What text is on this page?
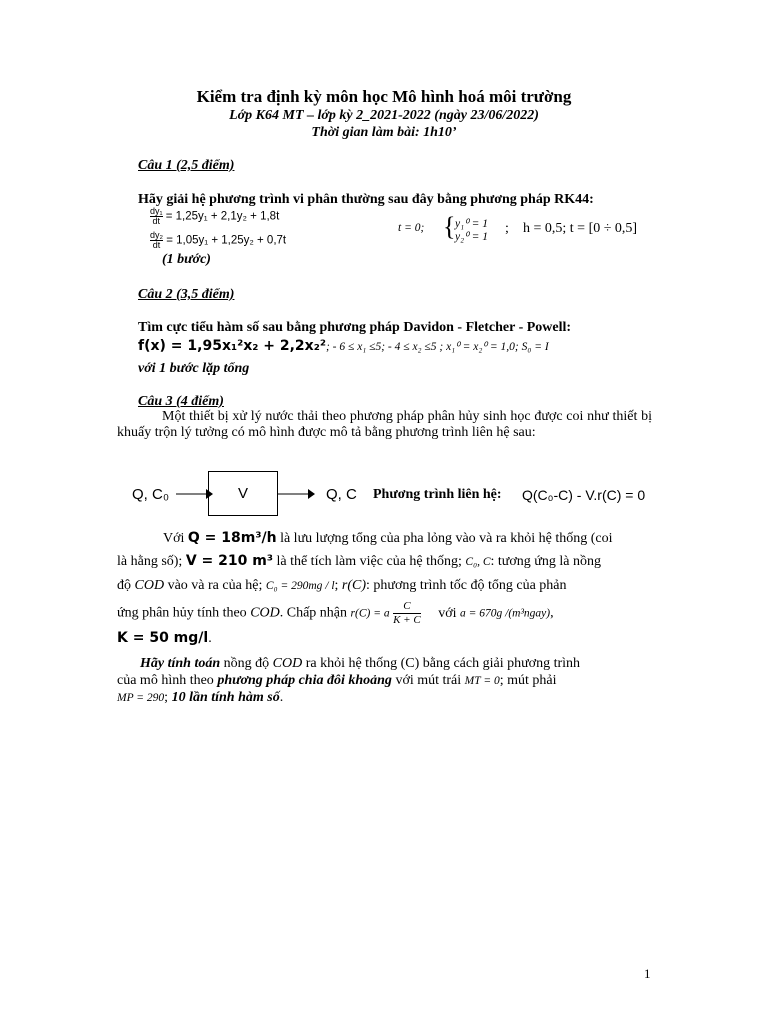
Kiểm tra định kỳ môn học Mô hình hoá môi trường
Lớp K64 MT – lớp kỳ 2_2021-2022 (ngày 23/06/2022)
Thời gian làm bài: 1h10’
Câu 1 (2,5 điểm)
Hãy giải hệ phương trình vi phân thường sau đây bằng phương pháp RK44:
$\frac{\text{dy₁}}{dt} = 1,25y_1 + 2,1y_2 + 1,8t$
$\frac{\text{dy₂}}{dt} = 1,05y_1 + 1,25y_2 + 0,7t$
t = 0; { y₁⁰ = 1
y₂⁰ = 1
; h = 0,5; t = [0 ÷ 0,5]
(1 bước)
Câu 2 (3,5 điểm)
Tìm cực tiểu hàm số sau bằng phương pháp Davidon - Fletcher - Powell:
f(x) = 1,95x₁²x₂ + 2,2x₂²; - 6 ≤ x₁ ≤5; - 4 ≤ x₂ ≤5 ; x₁⁰ = x₂⁰ = 1,0; S₀ = I
với 1 bước lặp tổng
Câu 3 (4 điểm)
Một thiết bị xử lý nước thải theo phương pháp phân hủy sinh học được coi như thiết bị khuấy trộn lý tưởng có mô hình được mô tả bằng phương trình liên hệ sau:
Q, C₀	V	Q, C Phương trình liên hệ: Q(C₀-C) - V.r(C) = 0
Với Q = 18m³/h là lưu lượng tổng của pha lỏng vào và ra khỏi hệ thống (coi
là hằng số); V = 210 m³ là thể tích làm việc của hệ thống; C₀, C: tương ứng là nồng
độ COD vào và ra của hệ; C₀ = 290mg / l; r(C): phương trình tốc độ tổng của phản
ứng phân hủy tính theo COD. Chấp nhận r(C) = a $\frac{C}{K + C}$ với a = 670g /(m³ngay),
K = 50 mg/l.
Hãy tính toán nồng độ COD ra khỏi hệ thống (C) bằng cách giải phương trình
của mô hình theo phương pháp chia đôi khoảng với mút trái MT = 0; mút phải
MP = 290; 10 lần tính hàm số.
1
